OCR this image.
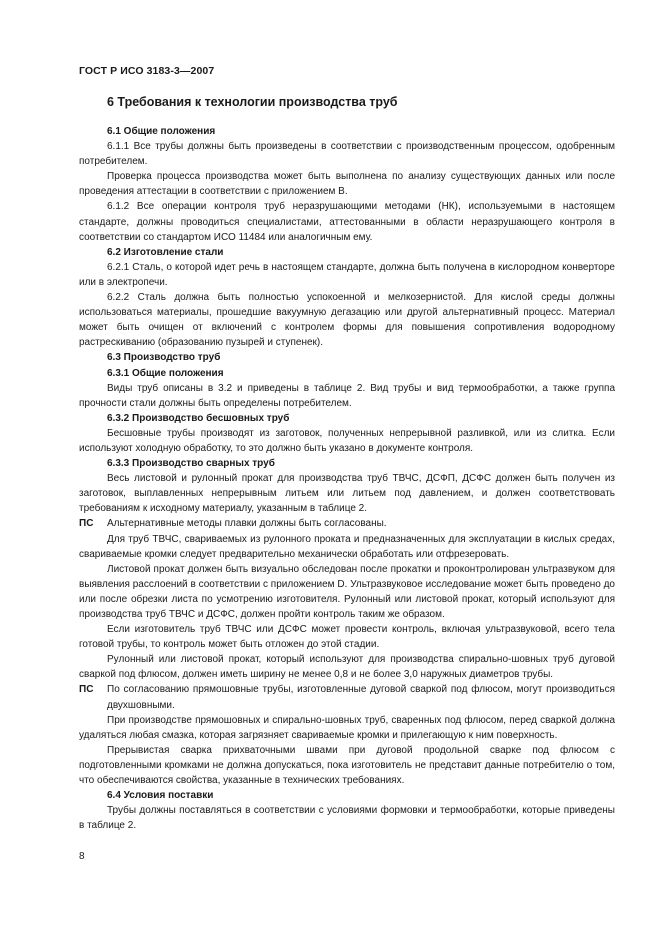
ГОСТ Р ИСО 3183-3—2007
6 Требования к технологии производства труб

6.1 Общие положения

6.1.1 Все трубы должны быть произведены в соответствии с производственным процессом, одобренным потребителем.

Проверка процесса производства может быть выполнена по анализу существующих данных или после проведения аттестации в соответствии с приложением В.

6.1.2 Все операции контроля труб неразрушающими методами (НК), используемыми в настоящем стандарте, должны проводиться специалистами, аттестованными в области неразрушающего контроля в соответствии со стандартом ИСО 11484 или аналогичным ему.

6.2 Изготовление стали

6.2.1 Сталь, о которой идет речь в настоящем стандарте, должна быть получена в кислородном конверторе или в электропечи.

6.2.2 Сталь должна быть полностью успокоенной и мелкозернистой. Для кислой среды должны использоваться материалы, прошедшие вакуумную дегазацию или другой альтернативный процесс. Материал может быть очищен от включений с контролем формы для повышения сопротивления водородному растрескиванию (образованию пузырей и ступенек).

6.3 Производство труб

6.3.1 Общие положения

Виды труб описаны в 3.2 и приведены в таблице 2. Вид трубы и вид термообработки, а также группа прочности стали должны быть определены потребителем.

6.3.2 Производство бесшовных труб

Бесшовные трубы производят из заготовок, полученных непрерывной разливкой, или из слитка. Если используют холодную обработку, то это должно быть указано в документе контроля.

6.3.3 Производство сварных труб

Весь листовой и рулонный прокат для производства труб ТВЧС, ДСФП, ДСФС должен быть получен из заготовок, выплавленных непрерывным литьем или литьем под давлением, и должен соответствовать требованиям к исходному материалу, указанным в таблице 2.

ПС	Альтернативные методы плавки должны быть согласованы.

Для труб ТВЧС, свариваемых из рулонного проката и предназначенных для эксплуатации в кислых средах, свариваемые кромки следует предварительно механически обработать или отфрезеровать.

Листовой прокат должен быть визуально обследован после прокатки и проконтролирован ультразвуком для выявления расслоений в соответствии с приложением D. Ультразвуковое исследование может быть проведено до или после обрезки листа по усмотрению изготовителя. Рулонный или листовой прокат, который используют для производства труб ТВЧС и ДСФС, должен пройти контроль таким же образом.

Если изготовитель труб ТВЧС или ДСФС может провести контроль, включая ультразвуковой, всего тела готовой трубы, то контроль может быть отложен до этой стадии.

Рулонный или листовой прокат, который используют для производства спирально-шовных труб дуговой сваркой под флюсом, должен иметь ширину не менее 0,8 и не более 3,0 наружных диаметров трубы.

ПС	По согласованию прямошовные трубы, изготовленные дуговой сваркой под флюсом, могут производиться двухшовными.

При производстве прямошовных и спирально-шовных труб, сваренных под флюсом, перед сваркой должна удаляться любая смазка, которая загрязняет свариваемые кромки и прилегающую к ним поверхность.

Прерывистая сварка прихваточными швами при дуговой продольной сварке под флюсом с подготовленными кромками не должна допускаться, пока изготовитель не представит данные потребителю о том, что обеспечиваются свойства, указанные в технических требованиях.

6.4 Условия поставки

Трубы должны поставляться в соответствии с условиями формовки и термообработки, которые приведены в таблице 2.

8
